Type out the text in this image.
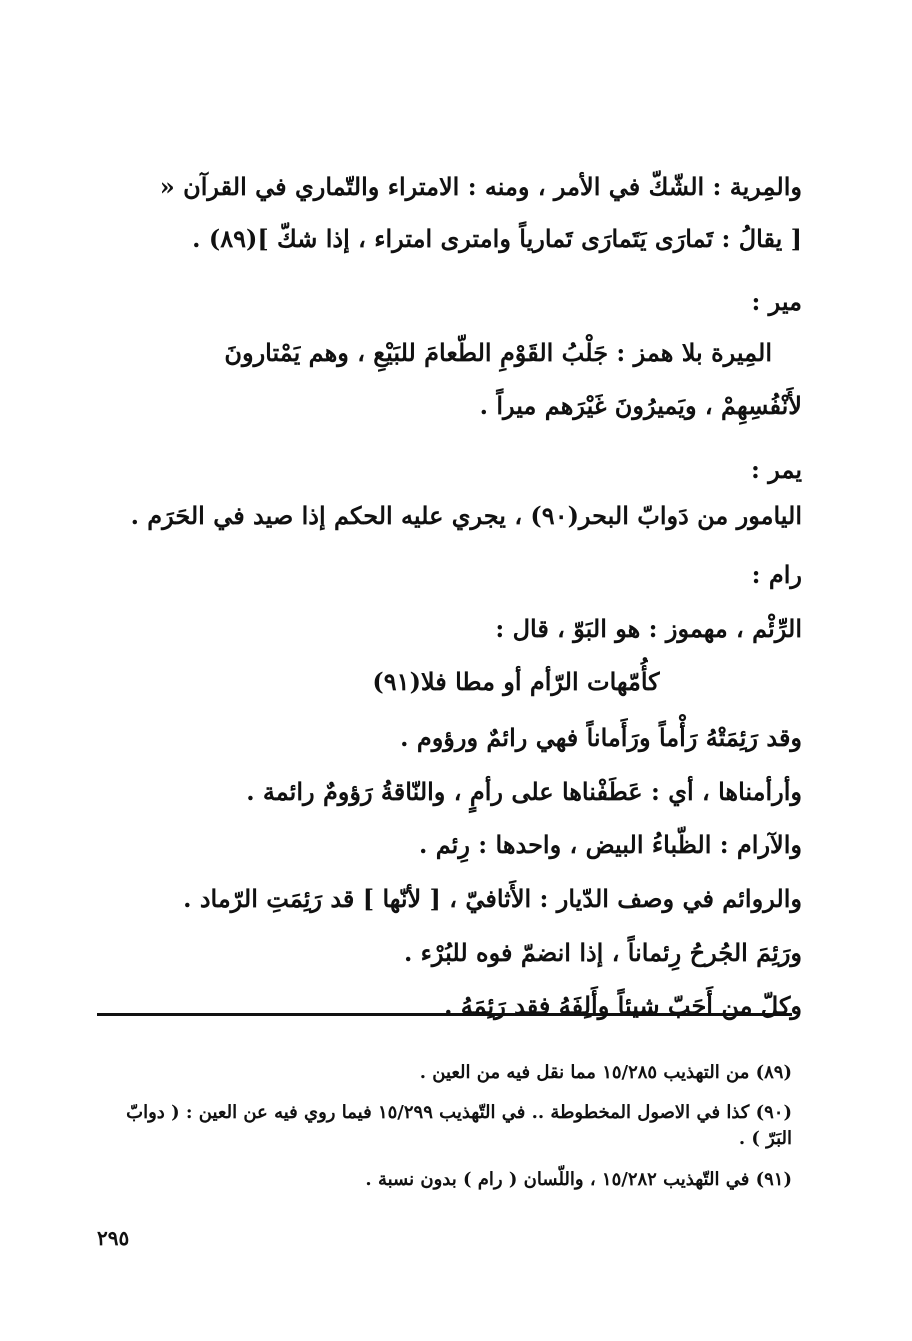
والمِرية : الشّكّ في الأمر ، ومنه : الامتراء والتّماري في القرآن «
[ يقالُ : تَمارَى يَتَمارَى تَمارياً وامترى امتراء ، إذا شكّ ](٨٩) .
مير :
المِيرة بلا همز : جَلْبُ القَوْمِ الطّعامَ للبَيْعِ ، وهم يَمْتارونَ
لأَنْفُسِهِمْ ، ويَميرُونَ غَيْرَهم ميراً .
يمر :
اليامور من دَوابّ البحر(٩٠) ، يجري عليه الحكم إذا صيد في الحَرَم .
رام :
الرِّئْم ، مهموز : هو البَوّ ، قال :
كأُمّهات الرّأم أو مطا فلا(٩١)
وقد رَئِمَتْهُ رَأْماً ورَأَماناً فهي رائمٌ ورؤوم .
وأرأمناها ، أي : عَطَفْناها على رأمٍ ، والنّاقةُ رَؤومٌ رائمة .
والآرام : الظّباءُ البيض ، واحدها : رِئم .
والروائم في وصف الدّيار : الأَثافيّ ، [ لأنّها ] قد رَئِمَتِ الرّماد .
ورَئِمَ الجُرحُ رِئماناً ، إذا انضمّ فوه للبُرْء .
وكلّ من أَحَبّ شيئاً وأَلِفَهُ فقد رَئِمَهُ .
(٨٩) من التهذيب ١٥/٢٨٥ مما نقل فيه من العين .
(٩٠) كذا في الاصول المخطوطة .. في التّهذيب ١٥/٢٩٩ فيما روي فيه عن العين : ( دوابّ البَرّ ) .
(٩١) في التّهذيب ١٥/٢٨٢ ، واللّسان ( رام ) بدون نسبة .
٢٩٥
